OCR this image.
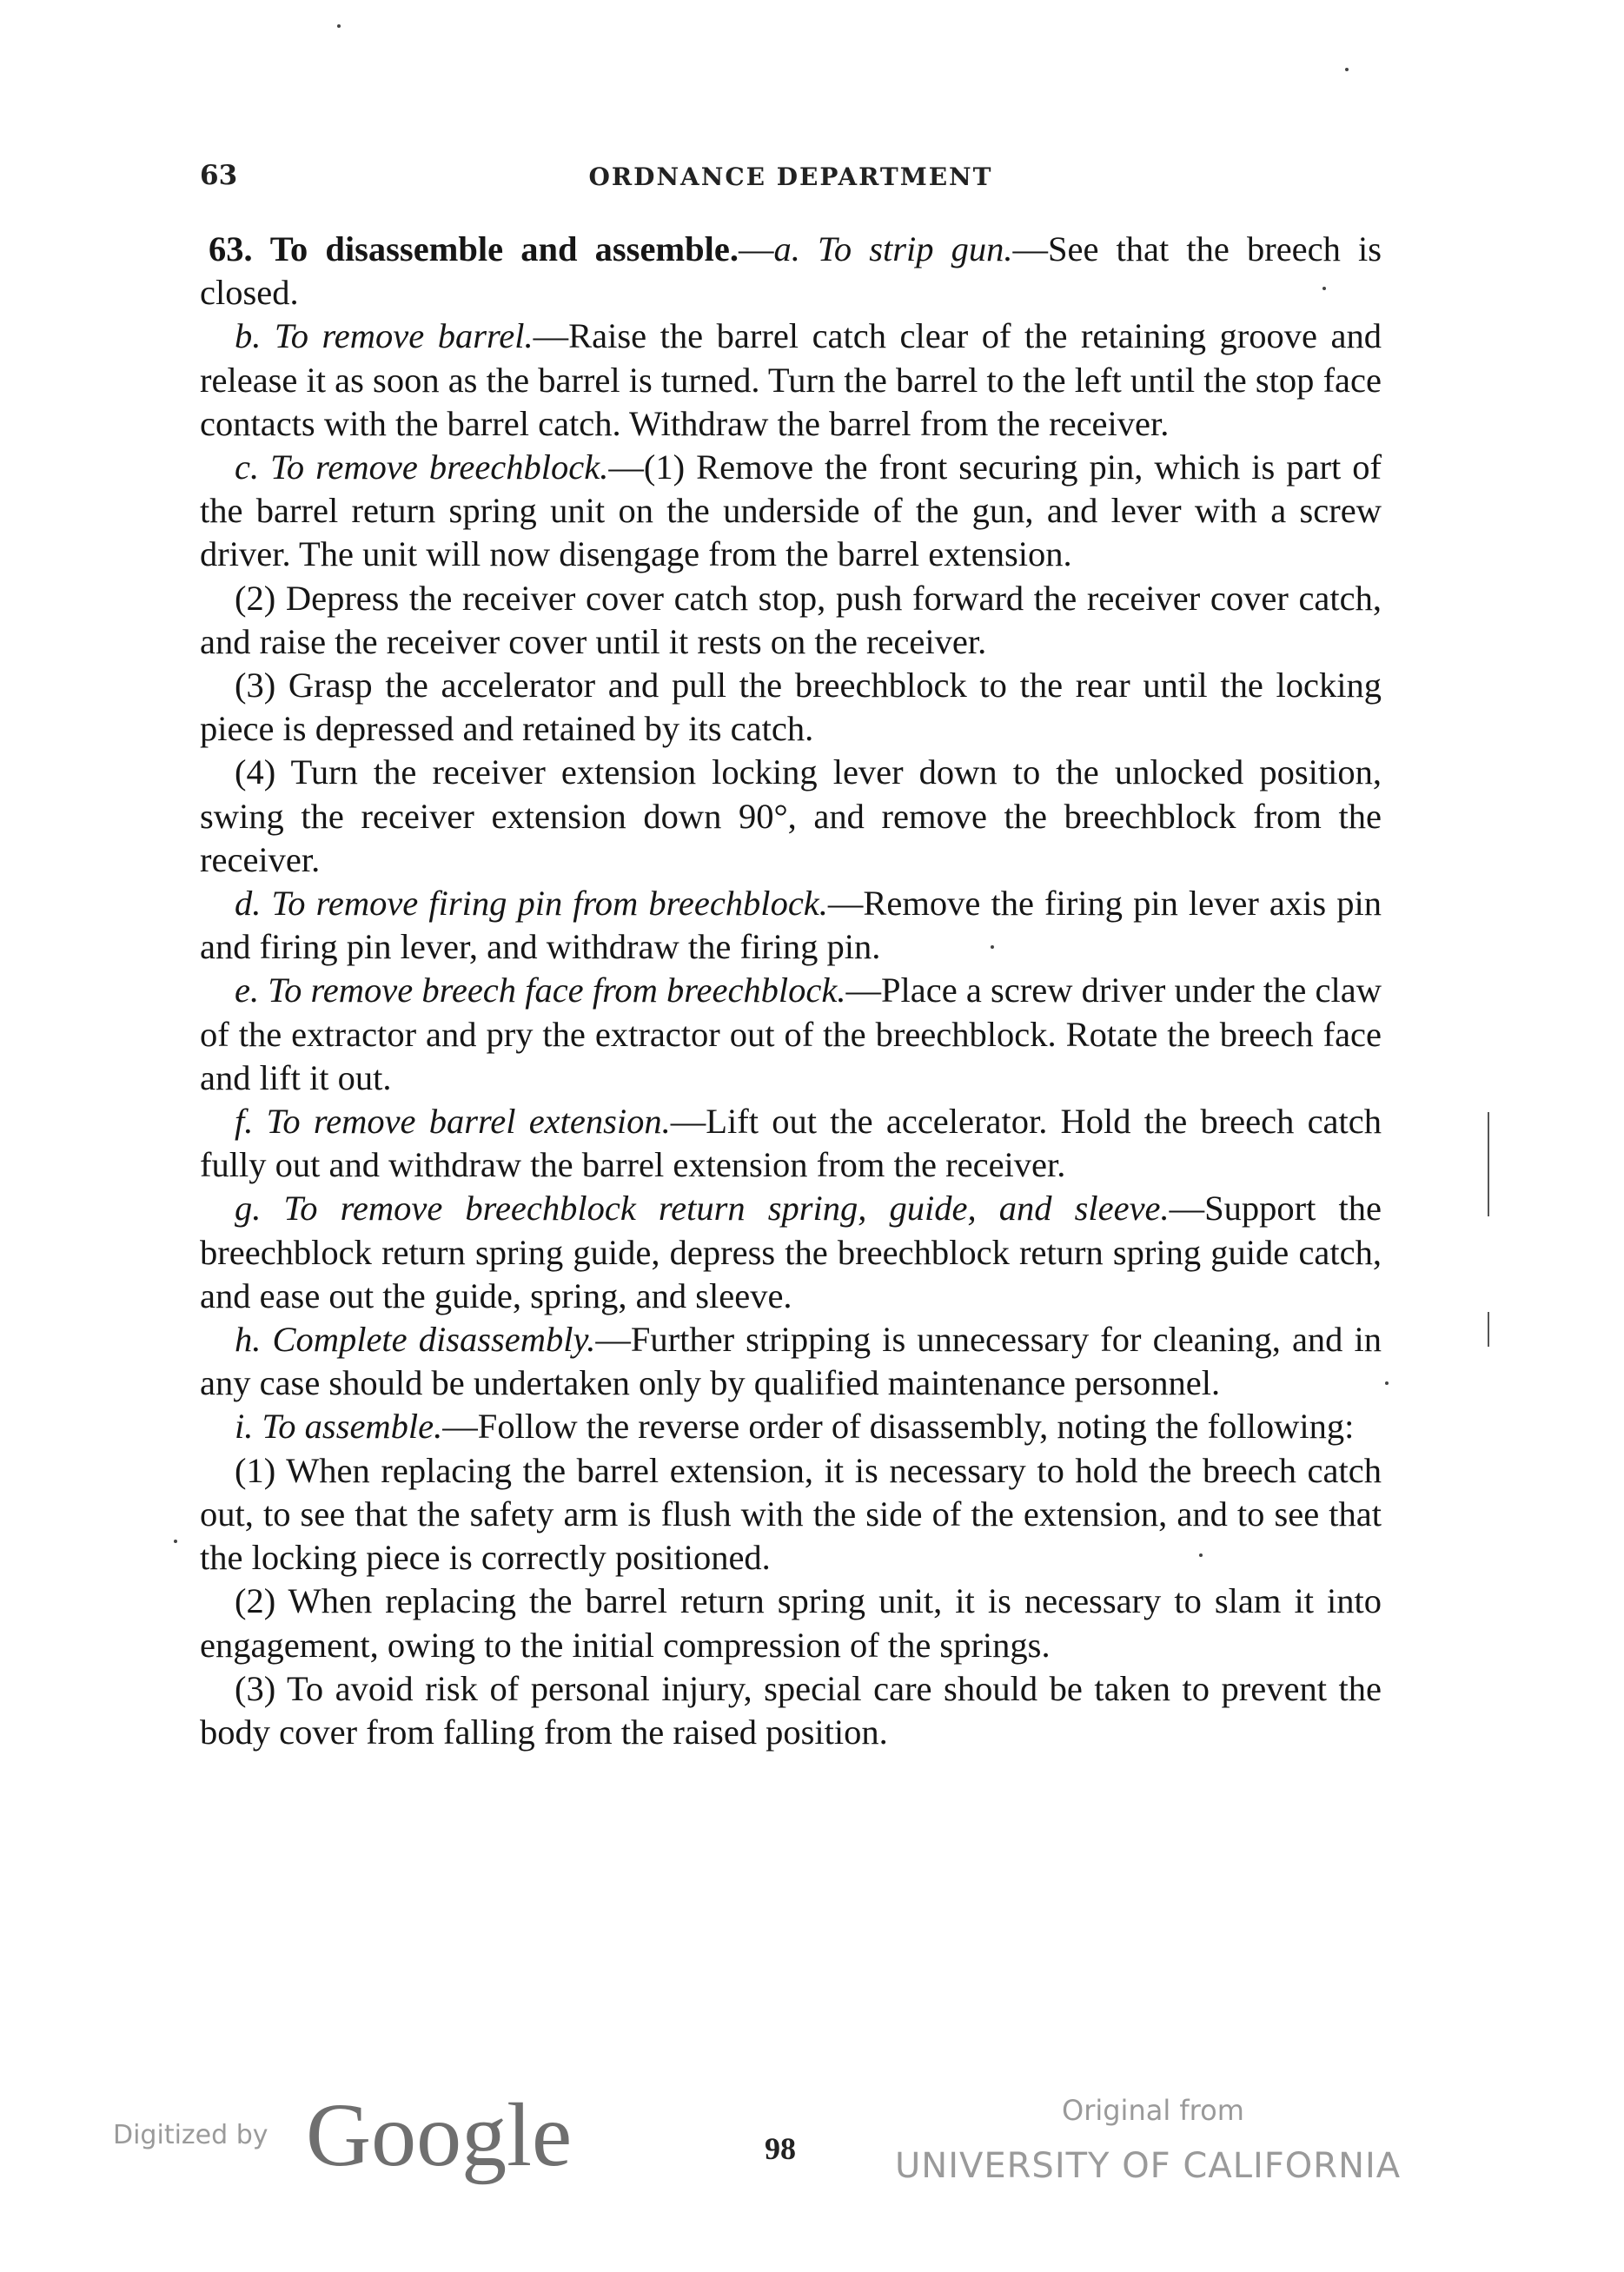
63	ORDNANCE DEPARTMENT

63. To disassemble and assemble.—a. To strip gun.—See that the breech is closed.

b. To remove barrel.—Raise the barrel catch clear of the retaining groove and release it as soon as the barrel is turned. Turn the barrel to the left until the stop face contacts with the barrel catch. Withdraw the barrel from the receiver.

c. To remove breechblock.—(1) Remove the front securing pin, which is part of the barrel return spring unit on the underside of the gun, and lever with a screw driver. The unit will now disengage from the barrel extension.

(2) Depress the receiver cover catch stop, push forward the receiver cover catch, and raise the receiver cover until it rests on the receiver.

(3) Grasp the accelerator and pull the breechblock to the rear until the locking piece is depressed and retained by its catch.

(4) Turn the receiver extension locking lever down to the unlocked position, swing the receiver extension down 90°, and remove the breechblock from the receiver.

d. To remove firing pin from breechblock.—Remove the firing pin lever axis pin and firing pin lever, and withdraw the firing pin.

e. To remove breech face from breechblock.—Place a screw driver under the claw of the extractor and pry the extractor out of the breechblock. Rotate the breech face and lift it out.

f. To remove barrel extension.—Lift out the accelerator. Hold the breech catch fully out and withdraw the barrel extension from the receiver.

g. To remove breechblock return spring, guide, and sleeve.—Support the breechblock return spring guide, depress the breechblock return spring guide catch, and ease out the guide, spring, and sleeve.

h. Complete disassembly.—Further stripping is unnecessary for cleaning, and in any case should be undertaken only by qualified maintenance personnel.

i. To assemble.—Follow the reverse order of disassembly, noting the following:

(1) When replacing the barrel extension, it is necessary to hold the breech catch out, to see that the safety arm is flush with the side of the extension, and to see that the locking piece is correctly positioned.

(2) When replacing the barrel return spring unit, it is necessary to slam it into engagement, owing to the initial compression of the springs.

(3) To avoid risk of personal injury, special care should be taken to prevent the body cover from falling from the raised position.

Digitized by Google	98
Original from
UNIVERSITY OF CALIFORNIA
